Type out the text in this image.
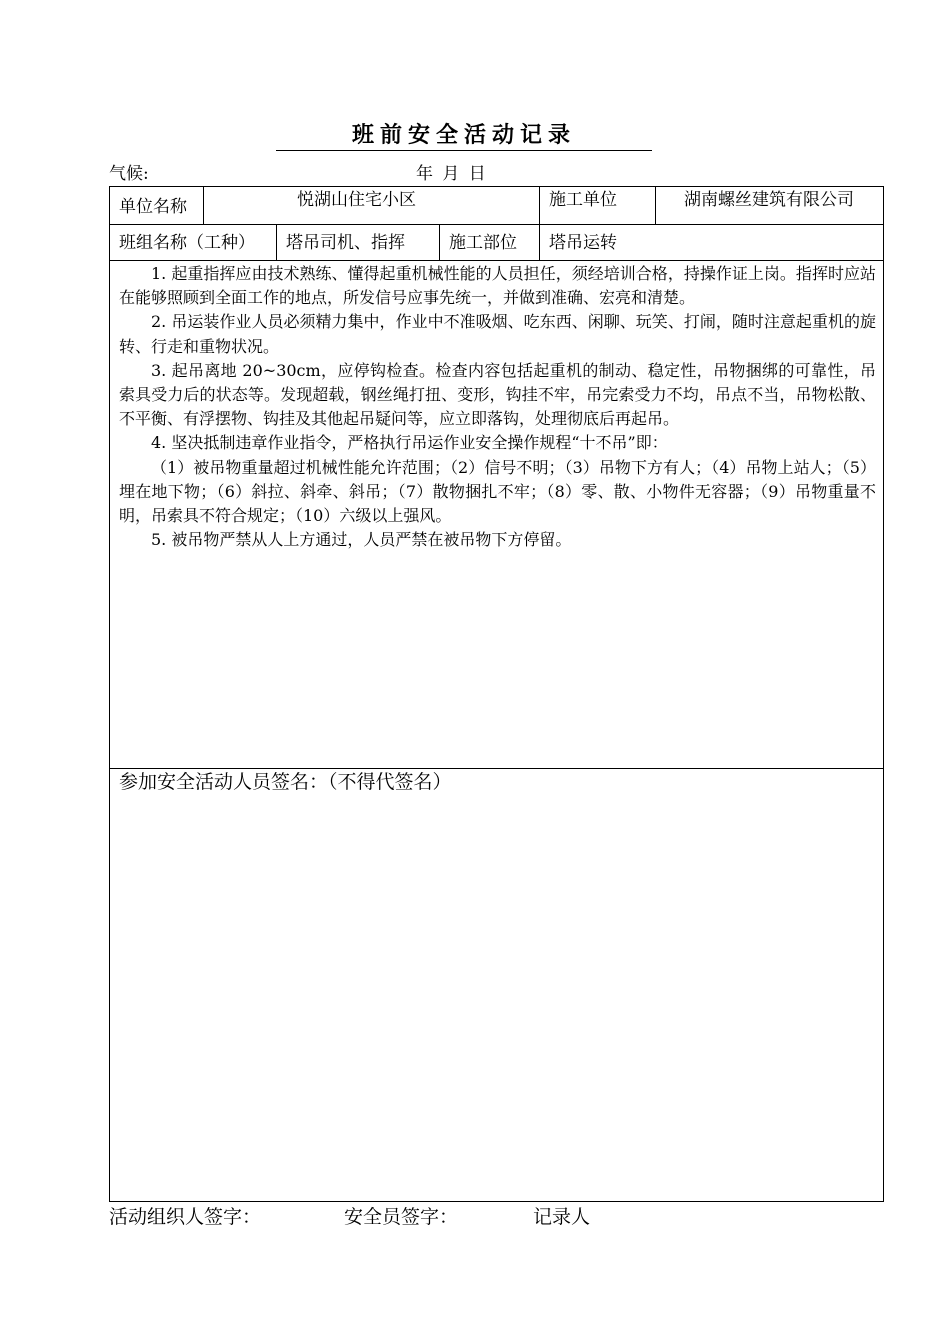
班前安全活动记录
气候:	年 月 日
单位名称	悦湖山住宅小区	施工单位	湖南螺丝建筑有限公司
班组名称（工种）	塔吊司机、指挥	施工部位	塔吊运转

1. 起重指挥应由技术熟练、懂得起重机械性能的人员担任，须经培训合格，持操作证上岗。指挥时应站在能够照顾到全面工作的地点，所发信号应事先统一，并做到准确、宏亮和清楚。

2. 吊运装作业人员必须精力集中，作业中不准吸烟、吃东西、闲聊、玩笑、打闹，随时注意起重机的旋转、行走和重物状况。

3. 起吊离地 20~30cm，应停钩检查。检查内容包括起重机的制动、稳定性，吊物捆绑的可靠性，吊索具受力后的状态等。发现超载，钢丝绳打扭、变形，钩挂不牢，吊完索受力不均，吊点不当，吊物松散、不平衡、有浮摆物、钩挂及其他起吊疑问等，应立即落钩，处理彻底后再起吊。

4. 坚决抵制违章作业指令，严格执行吊运作业安全操作规程“十不吊”即：

（1）被吊物重量超过机械性能允许范围；（2）信号不明；（3）吊物下方有人；（4）吊物上站人；（5）埋在地下物；（6）斜拉、斜牵、斜吊；（7）散物捆扎不牢；（8）零、散、小物件无容器；（9）吊物重量不明，吊索具不符合规定；（10）六级以上强风。

5. 被吊物严禁从人上方通过，人员严禁在被吊物下方停留。

参加安全活动人员签名：（不得代签名）
活动组织人签字：	安全员签字：	记录人
